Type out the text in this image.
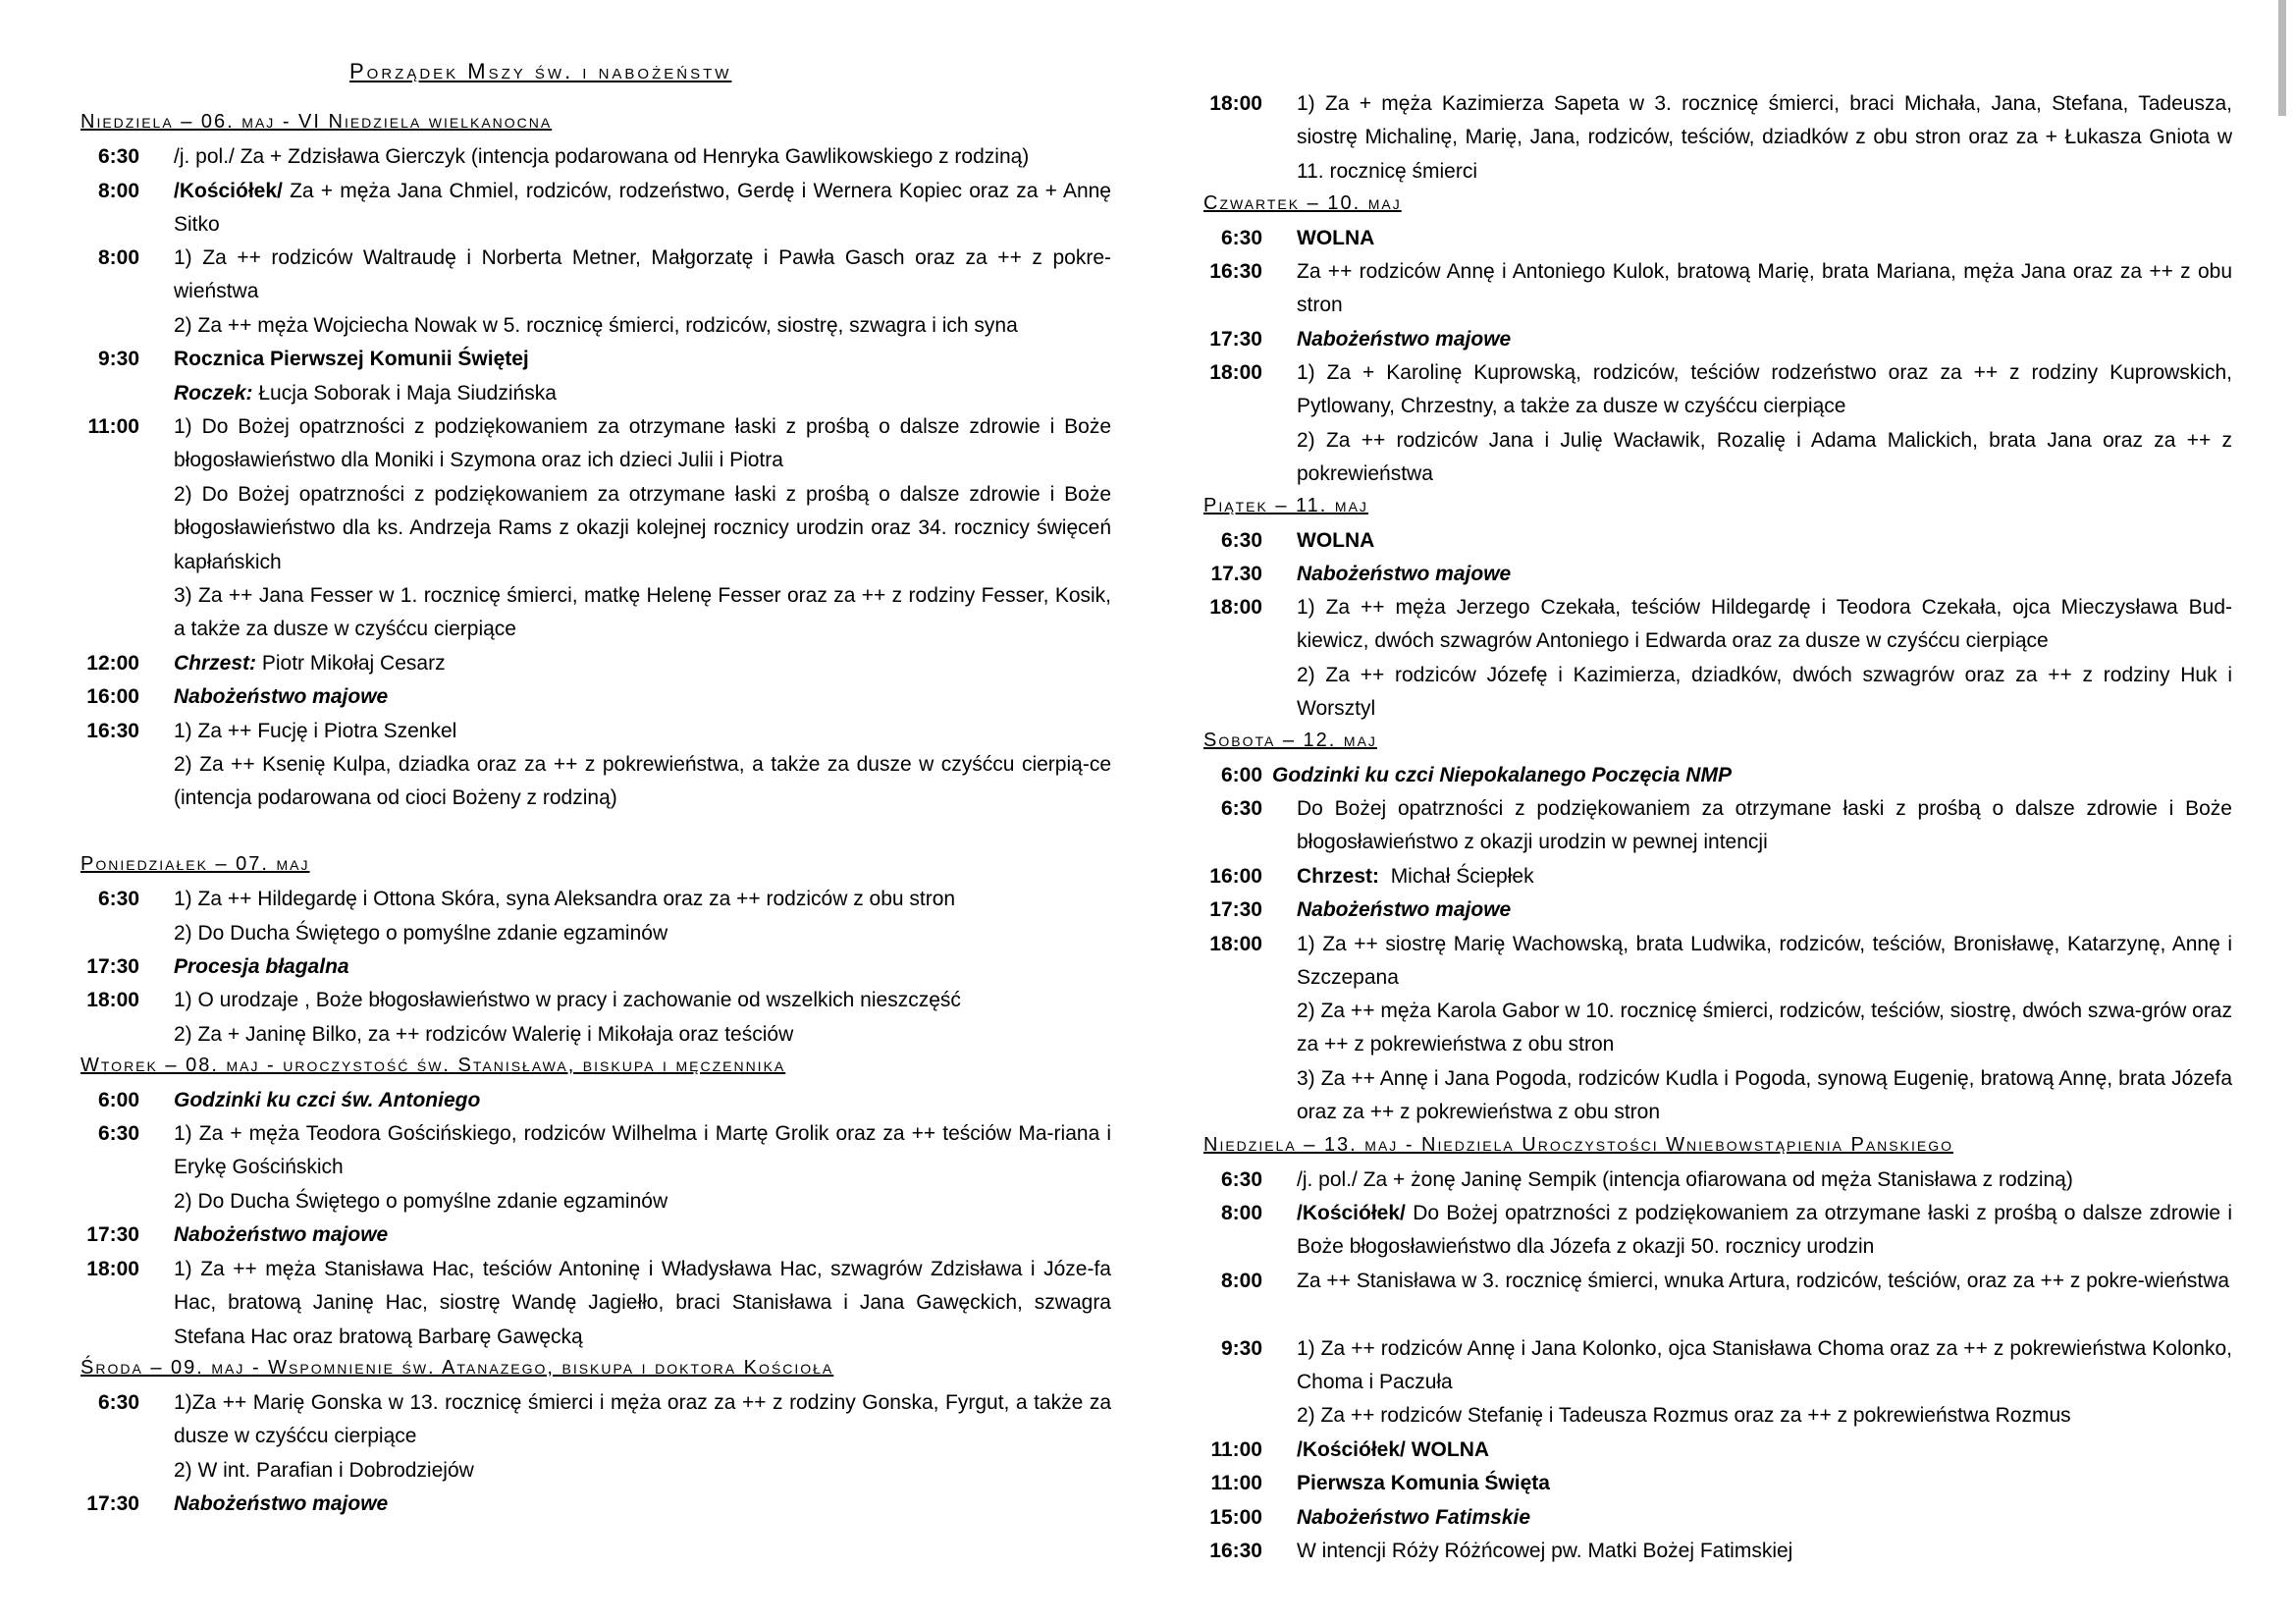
Porządek Mszy św. i nabożeństw
Niedziela – 06. maj - VI Niedziela wielkanocna
6:30 /j. pol./ Za + Zdzisława Gierczyk (intencja podarowana od Henryka Gawlikowskiego z rodziną)
8:00 /Kościółek/ Za + męża Jana Chmiel, rodziców, rodzeństwo, Gerdę i Wernera Kopiec oraz za + Annę Sitko
8:00 1) Za ++ rodziców Waltraudę i Norberta Metner, Małgorzatę i Pawła Gasch oraz za ++ z pokre-wieństwa
2) Za ++ męża Wojciecha Nowak w 5. rocznicę śmierci, rodziców, siostrę, szwagra i ich syna
9:30 Rocznica Pierwszej Komunii Świętej
Roczek: Łucja Soborak i Maja Siudzińska
11:00 1) Do Bożej opatrzności z podziękowaniem za otrzymane łaski z prośbą o dalsze zdrowie i Boże błogosławieństwo dla Moniki i Szymona oraz ich dzieci Julii i Piotra
2) Do Bożej opatrzności z podziękowaniem za otrzymane łaski z prośbą o dalsze zdrowie i Boże błogosławieństwo dla ks. Andrzeja Rams z okazji kolejnej rocznicy urodzin oraz 34. rocznicy święceń kapłańskich
3) Za ++ Jana Fesser w 1. rocznicę śmierci, matkę Helenę Fesser oraz za ++ z rodziny Fesser, Kosik, a także za dusze w czyśćcu cierpiące
12:00 Chrzest: Piotr Mikołaj Cesarz
16:00 Nabożeństwo majowe
16:30 1) Za ++ Fucję i Piotra Szenkel
2) Za ++ Ksenię Kulpa, dziadka oraz za ++ z pokrewieństwa, a także za dusze w czyśćcu cierpią-ce (intencja podarowana od cioci Bożeny z rodziną)
Poniedziałek – 07. maj
6:30 1) Za ++ Hildegardę i Ottona Skóra, syna Aleksandra oraz za ++ rodziców z obu stron
2) Do Ducha Świętego o pomyślne zdanie egzaminów
17:30 Procesja błagalna
18:00 1) O urodzaje , Boże błogosławieństwo w pracy i zachowanie od wszelkich nieszczęść
2) Za + Janinę Bilko, za ++ rodziców Walerię i Mikołaja oraz teściów
Wtorek – 08. maj - uroczystość św. Stanisława, biskupa i męczennika
6:00 Godzinki ku czci św. Antoniego
6:30 1) Za + męża Teodora Gościńskiego, rodziców Wilhelma i Martę Grolik oraz za ++ teściów Ma-riana i Erykę Gościńskich
2) Do Ducha Świętego o pomyślne zdanie egzaminów
17:30 Nabożeństwo majowe
18:00 1) Za ++ męża Stanisława Hac, teściów Antoninę i Władysława Hac, szwagrów Zdzisława i Józe-fa Hac, bratową Janinę Hac, siostrę Wandę Jagiełło, braci Stanisława i Jana Gawęckich, szwagra Stefana Hac oraz bratową Barbarę Gawęcką
Środa – 09. maj - Wspomnienie św. Atanazego, biskupa i doktora Kościoła
6:30 1)Za ++ Marię Gonska w 13. rocznicę śmierci i męża oraz za ++ z rodziny Gonska, Fyrgut, a także za dusze w czyśćcu cierpiące
2) W int. Parafian i Dobrodziejów
17:30 Nabożeństwo majowe
18:00 1) Za + męża Kazimierza Sapeta w 3. rocznicę śmierci, braci Michała, Jana, Stefana, Tadeusza, siostrę Michalinę, Marię, Jana, rodziców, teściów, dziadków z obu stron oraz za + Łukasza Gniota w 11. rocznicę śmierci
Czwartek – 10. maj
6:30 WOLNA
16:30 Za ++ rodziców Annę i Antoniego Kulok, bratową Marię, brata Mariana, męża Jana oraz za ++ z obu stron
17:30 Nabożeństwo majowe
18:00 1) Za + Karolinę Kuprowską, rodziców, teściów rodzeństwo oraz za ++ z rodziny Kuprowskich, Pytlowany, Chrzestny, a także za dusze w czyśćcu cierpiące
2) Za ++ rodziców Jana i Julię Wacławik, Rozalię i Adama Malickich, brata Jana oraz za ++ z pokrewieństwa
Piątek – 11. maj
6:30 WOLNA
17.30 Nabożeństwo majowe
18:00 1) Za ++ męża Jerzego Czekała, teściów Hildegardę i Teodora Czekała, ojca Mieczysława Bud-kiewicz, dwóch szwagrów Antoniego i Edwarda oraz za dusze w czyśćcu cierpiące
2) Za ++ rodziców Józefę i Kazimierza, dziadków, dwóch szwagrów oraz za ++ z rodziny Huk i Worsztyl
Sobota – 12. maj
6:00 Godzinki ku czci Niepokalanego Poczęcia NMP
6:30 Do Bożej opatrzności z podziękowaniem za otrzymane łaski z prośbą o dalsze zdrowie i Boże błogosławieństwo z okazji urodzin w pewnej intencji
16:00 Chrzest: Michał Ściepłek
17:30 Nabożeństwo majowe
18:00 1) Za ++ siostrę Marię Wachowską, brata Ludwika, rodziców, teściów, Bronisławę, Katarzynę, Annę i Szczepana
2) Za ++ męża Karola Gabor w 10. rocznicę śmierci, rodziców, teściów, siostrę, dwóch szwa-grów oraz za ++ z pokrewieństwa z obu stron
3) Za ++ Annę i Jana Pogoda, rodziców Kudla i Pogoda, synową Eugenię, bratową Annę, brata Józefa oraz za ++ z pokrewieństwa z obu stron
Niedziela – 13. maj - Niedziela Uroczystości Wniebowstąpienia Panskiego
6:30 /j. pol./ Za + żonę Janinę Sempik (intencja ofiarowana od męża Stanisława z rodziną)
8:00 /Kościółek/ Do Bożej opatrzności z podziękowaniem za otrzymane łaski z prośbą o dalsze zdrowie i Boże błogosławieństwo dla Józefa z okazji 50. rocznicy urodzin
8:00 Za ++ Stanisława w 3. rocznicę śmierci, wnuka Artura, rodziców, teściów, oraz za ++ z pokre-wieństwa
9:30 1) Za ++ rodziców Annę i Jana Kolonko, ojca Stanisława Choma oraz za ++ z pokrewieństwa Kolonko, Choma i Paczuła
2) Za ++ rodziców Stefanię i Tadeusza Rozmus oraz za ++ z pokrewieństwa Rozmus
11:00 /Kościółek/ WOLNA
11:00 Pierwsza Komunia Święta
15:00 Nabożeństwo Fatimskie
16:30 W intencji Róży Różńcowej pw. Matki Bożej Fatimskiej
